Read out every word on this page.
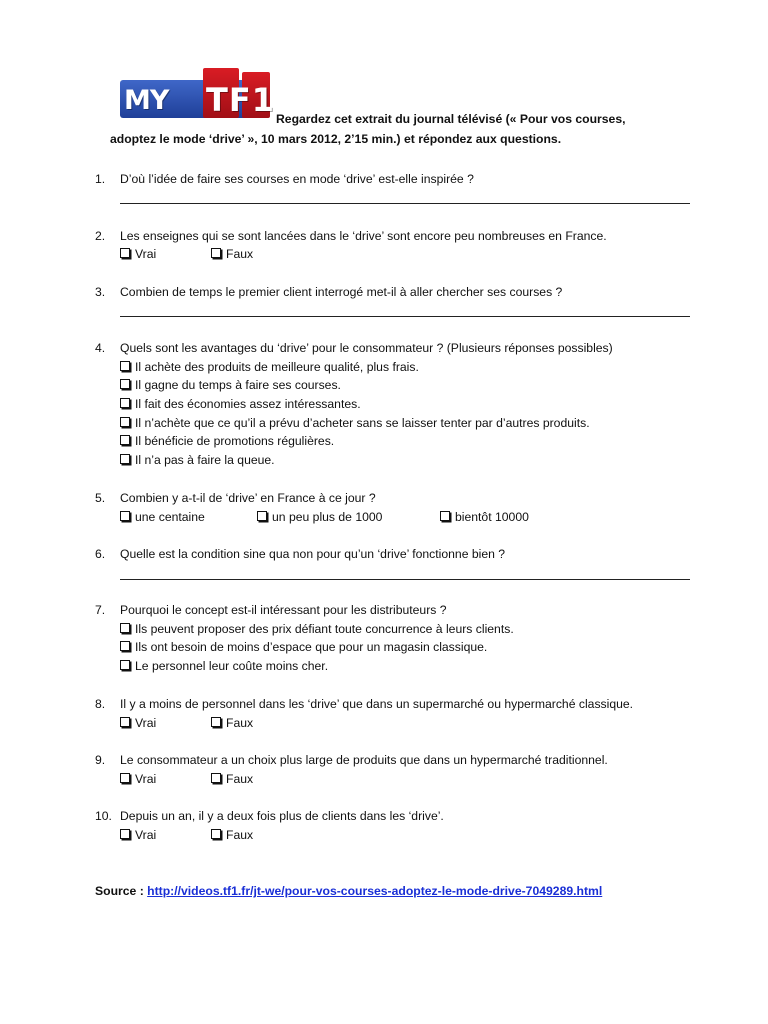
MY TF1 Regardez cet extrait du journal télévisé (« Pour vos courses,
adoptez le mode ‘drive’ », 10 mars 2012, 2’15 min.) et répondez aux questions.
1.	D’où l’idée de faire ses courses en mode ‘drive’ est-elle inspirée ?
2.	Les enseignes qui se sont lancées dans le ‘drive’ sont encore peu nombreuses en France.
Vrai	Faux
3.	Combien de temps le premier client interrogé met-il à aller chercher ses courses ?
4.	Quels sont les avantages du ‘drive’ pour le consommateur ? (Plusieurs réponses possibles)
Il achète des produits de meilleure qualité, plus frais.
Il gagne du temps à faire ses courses.
Il fait des économies assez intéressantes.
Il n’achète que ce qu’il a prévu d’acheter sans se laisser tenter par d’autres produits.
Il bénéficie de promotions régulières.
Il n’a pas à faire la queue.
5.	Combien y a-t-il de ‘drive’ en France à ce jour ?
une centaine	un peu plus de 1000	bientôt 10000
6.	Quelle est la condition sine qua non pour qu’un ‘drive’ fonctionne bien ?
7.	Pourquoi le concept est-il intéressant pour les distributeurs ?
Ils peuvent proposer des prix défiant toute concurrence à leurs clients.
Ils ont besoin de moins d’espace que pour un magasin classique.
Le personnel leur coûte moins cher.
8.	Il y a moins de personnel dans les ‘drive’ que dans un supermarché ou hypermarché classique.
Vrai	Faux
9.	Le consommateur a un choix plus large de produits que dans un hypermarché traditionnel.
Vrai	Faux
10. Depuis un an, il y a deux fois plus de clients dans les ‘drive’.
Vrai	Faux
Source : http://videos.tf1.fr/jt-we/pour-vos-courses-adoptez-le-mode-drive-7049289.html
